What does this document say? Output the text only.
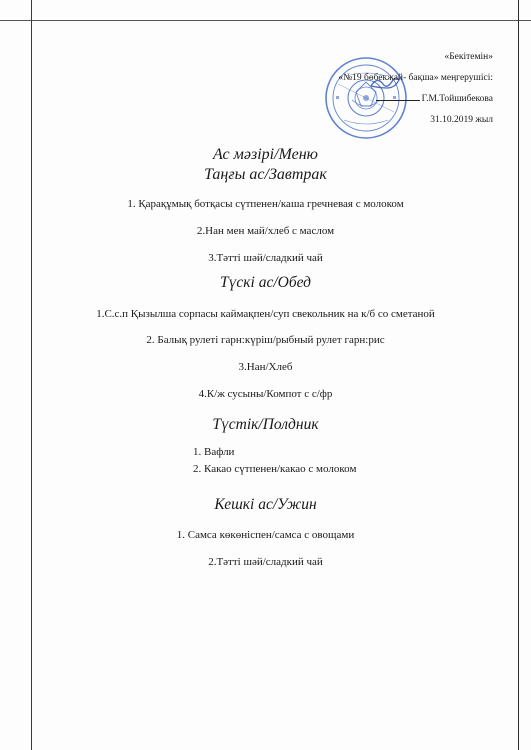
«Бекітемін»
«№19 бөбекжай- бақша» меңгерушісі:
Г.М.Тойшибекова
31.10.2019 жыл
Ас мәзірі/Меню
Таңғы ас/Завтрак
1. Қарақұмық ботқасы сүтпенен/каша гречневая с молоком
2.Нан мен май/хлеб с маслом
3.Тәтті шәй/сладкий чай
Түскі ас/Обед
1.С.с.п Қызылша сорпасы каймақпен/суп свекольник на к/б со сметаной
2. Балық рулеті гарн:күріш/рыбный рулет гарн:рис
3.Нан/Хлеб
4.К/ж сусыны/Компот с с/фр
Түстік/Полдник
1. Вафли
2. Какао сүтпенен/какао с молоком
Кешкі ас/Ужин
1. Самса көкөніспен/самса с овощами
2.Тәтті шәй/сладкий чай
